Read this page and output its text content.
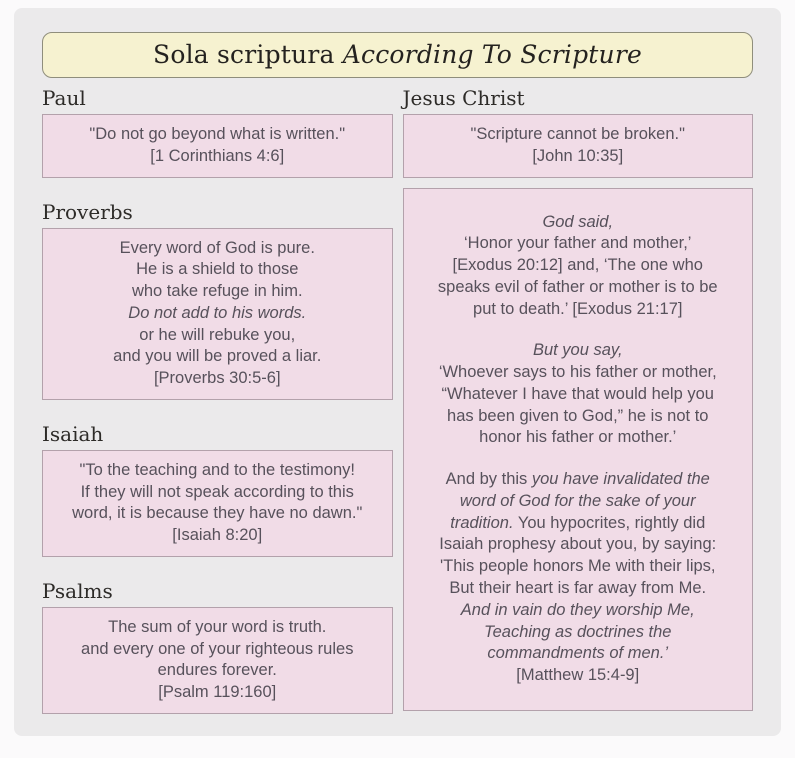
Sola scriptura According To Scripture
Paul

"Do not go beyond what is written."
[1 Corinthians 4:6]

Proverbs

Every word of God is pure.
He is a shield to those
who take refuge in him.
Do not add to his words.
or he will rebuke you,
and you will be proved a liar.
[Proverbs 30:5-6]

Isaiah

"To the teaching and to the testimony!
If they will not speak according to this
word, it is because they have no dawn."
[Isaiah 8:20]

Psalms

The sum of your word is truth.
and every one of your righteous rules
endures forever.
[Psalm 119:160]

Jesus Christ

"Scripture cannot be broken."
[John 10:35]

God said,
‘Honor your father and mother,’
[Exodus 20:12] and, ‘The one who
speaks evil of father or mother is to be
put to death.’ [Exodus 21:17]

But you say,
‘Whoever says to his father or mother,
“Whatever I have that would help you
has been given to God,” he is not to
honor his father or mother.’

And by this you have invalidated the
word of God for the sake of your
tradition. You hypocrites, rightly did
Isaiah prophesy about you, by saying:
'This people honors Me with their lips,
But their heart is far away from Me.
And in vain do they worship Me,
Teaching as doctrines the
commandments of men.’
[Matthew 15:4-9]
